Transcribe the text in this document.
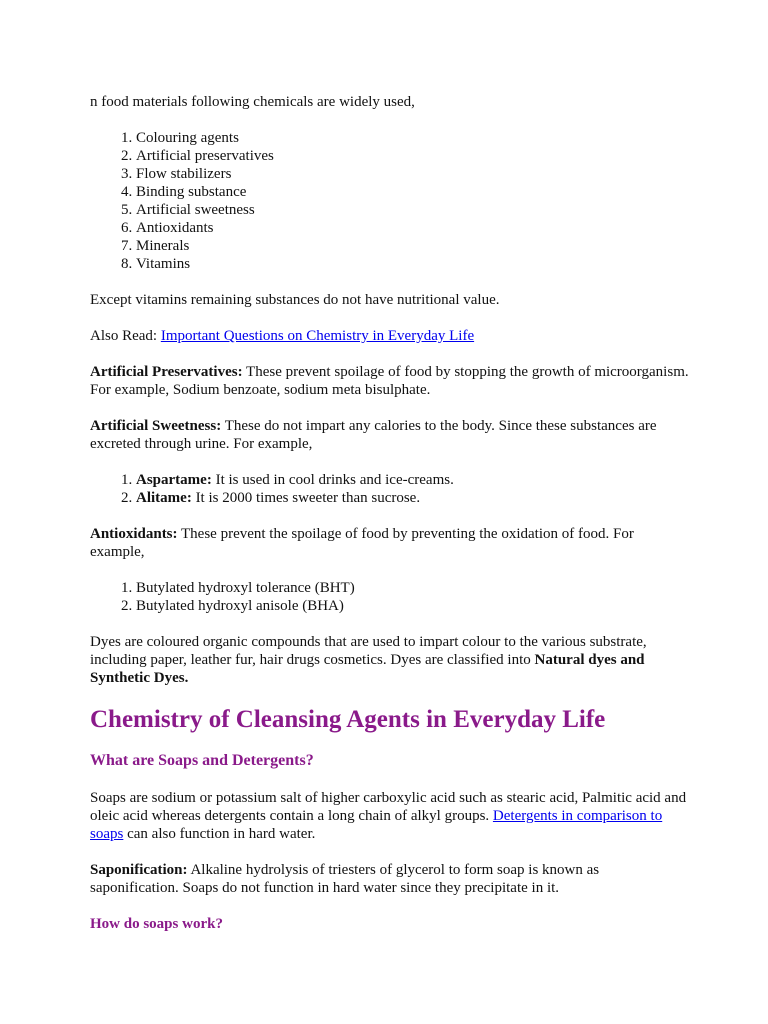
n food materials following chemicals are widely used,

1. Colouring agents
2. Artificial preservatives
3. Flow stabilizers
4. Binding substance
5. Artificial sweetness
6. Antioxidants
7. Minerals
8. Vitamins

Except vitamins remaining substances do not have nutritional value.

Also Read: Important Questions on Chemistry in Everyday Life

Artificial Preservatives: These prevent spoilage of food by stopping the growth of microorganism. For example, Sodium benzoate, sodium meta bisulphate.

Artificial Sweetness: These do not impart any calories to the body. Since these substances are excreted through urine. For example,

1. Aspartame: It is used in cool drinks and ice-creams.
2. Alitame: It is 2000 times sweeter than sucrose.

Antioxidants: These prevent the spoilage of food by preventing the oxidation of food. For example,

1. Butylated hydroxyl tolerance (BHT)
2. Butylated hydroxyl anisole (BHA)

Dyes are coloured organic compounds that are used to impart colour to the various substrate, including paper, leather fur, hair drugs cosmetics. Dyes are classified into Natural dyes and Synthetic Dyes.

Chemistry of Cleansing Agents in Everyday Life
What are Soaps and Detergents?

Soaps are sodium or potassium salt of higher carboxylic acid such as stearic acid, Palmitic acid and oleic acid whereas detergents contain a long chain of alkyl groups. Detergents in comparison to soaps can also function in hard water.

Saponification: Alkaline hydrolysis of triesters of glycerol to form soap is known as saponification. Soaps do not function in hard water since they precipitate in it.

How do soaps work?
